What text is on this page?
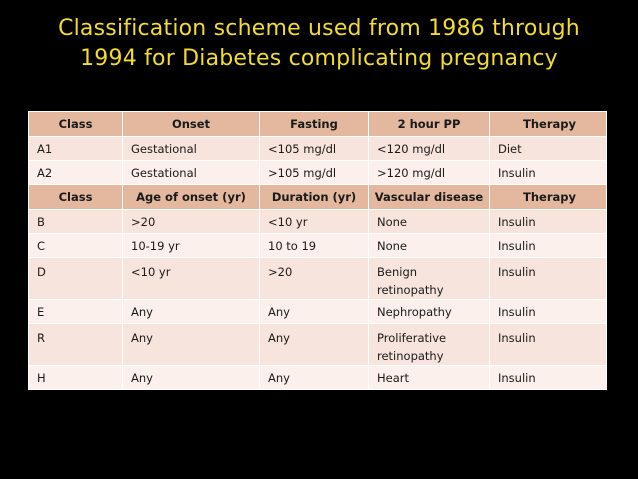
Classification scheme used from 1986 through
1994 for Diabetes complicating pregnancy
Class	Onset	Fasting	2 hour PP	Therapy
A1	Gestational	<105 mg/dl	<120 mg/dl	Diet
A2	Gestational	>105 mg/dl	>120 mg/dl	Insulin
Class	Age of onset (yr)	Duration (yr)	Vascular disease	Therapy
B	>20	<10 yr	None	Insulin
C	10-19 yr	10 to 19	None	Insulin
D	<10 yr	>20	Benign retinopathy	Insulin
E	Any	Any	Nephropathy	Insulin
R	Any	Any	Proliferative retinopathy	Insulin
H	Any	Any	Heart	Insulin
